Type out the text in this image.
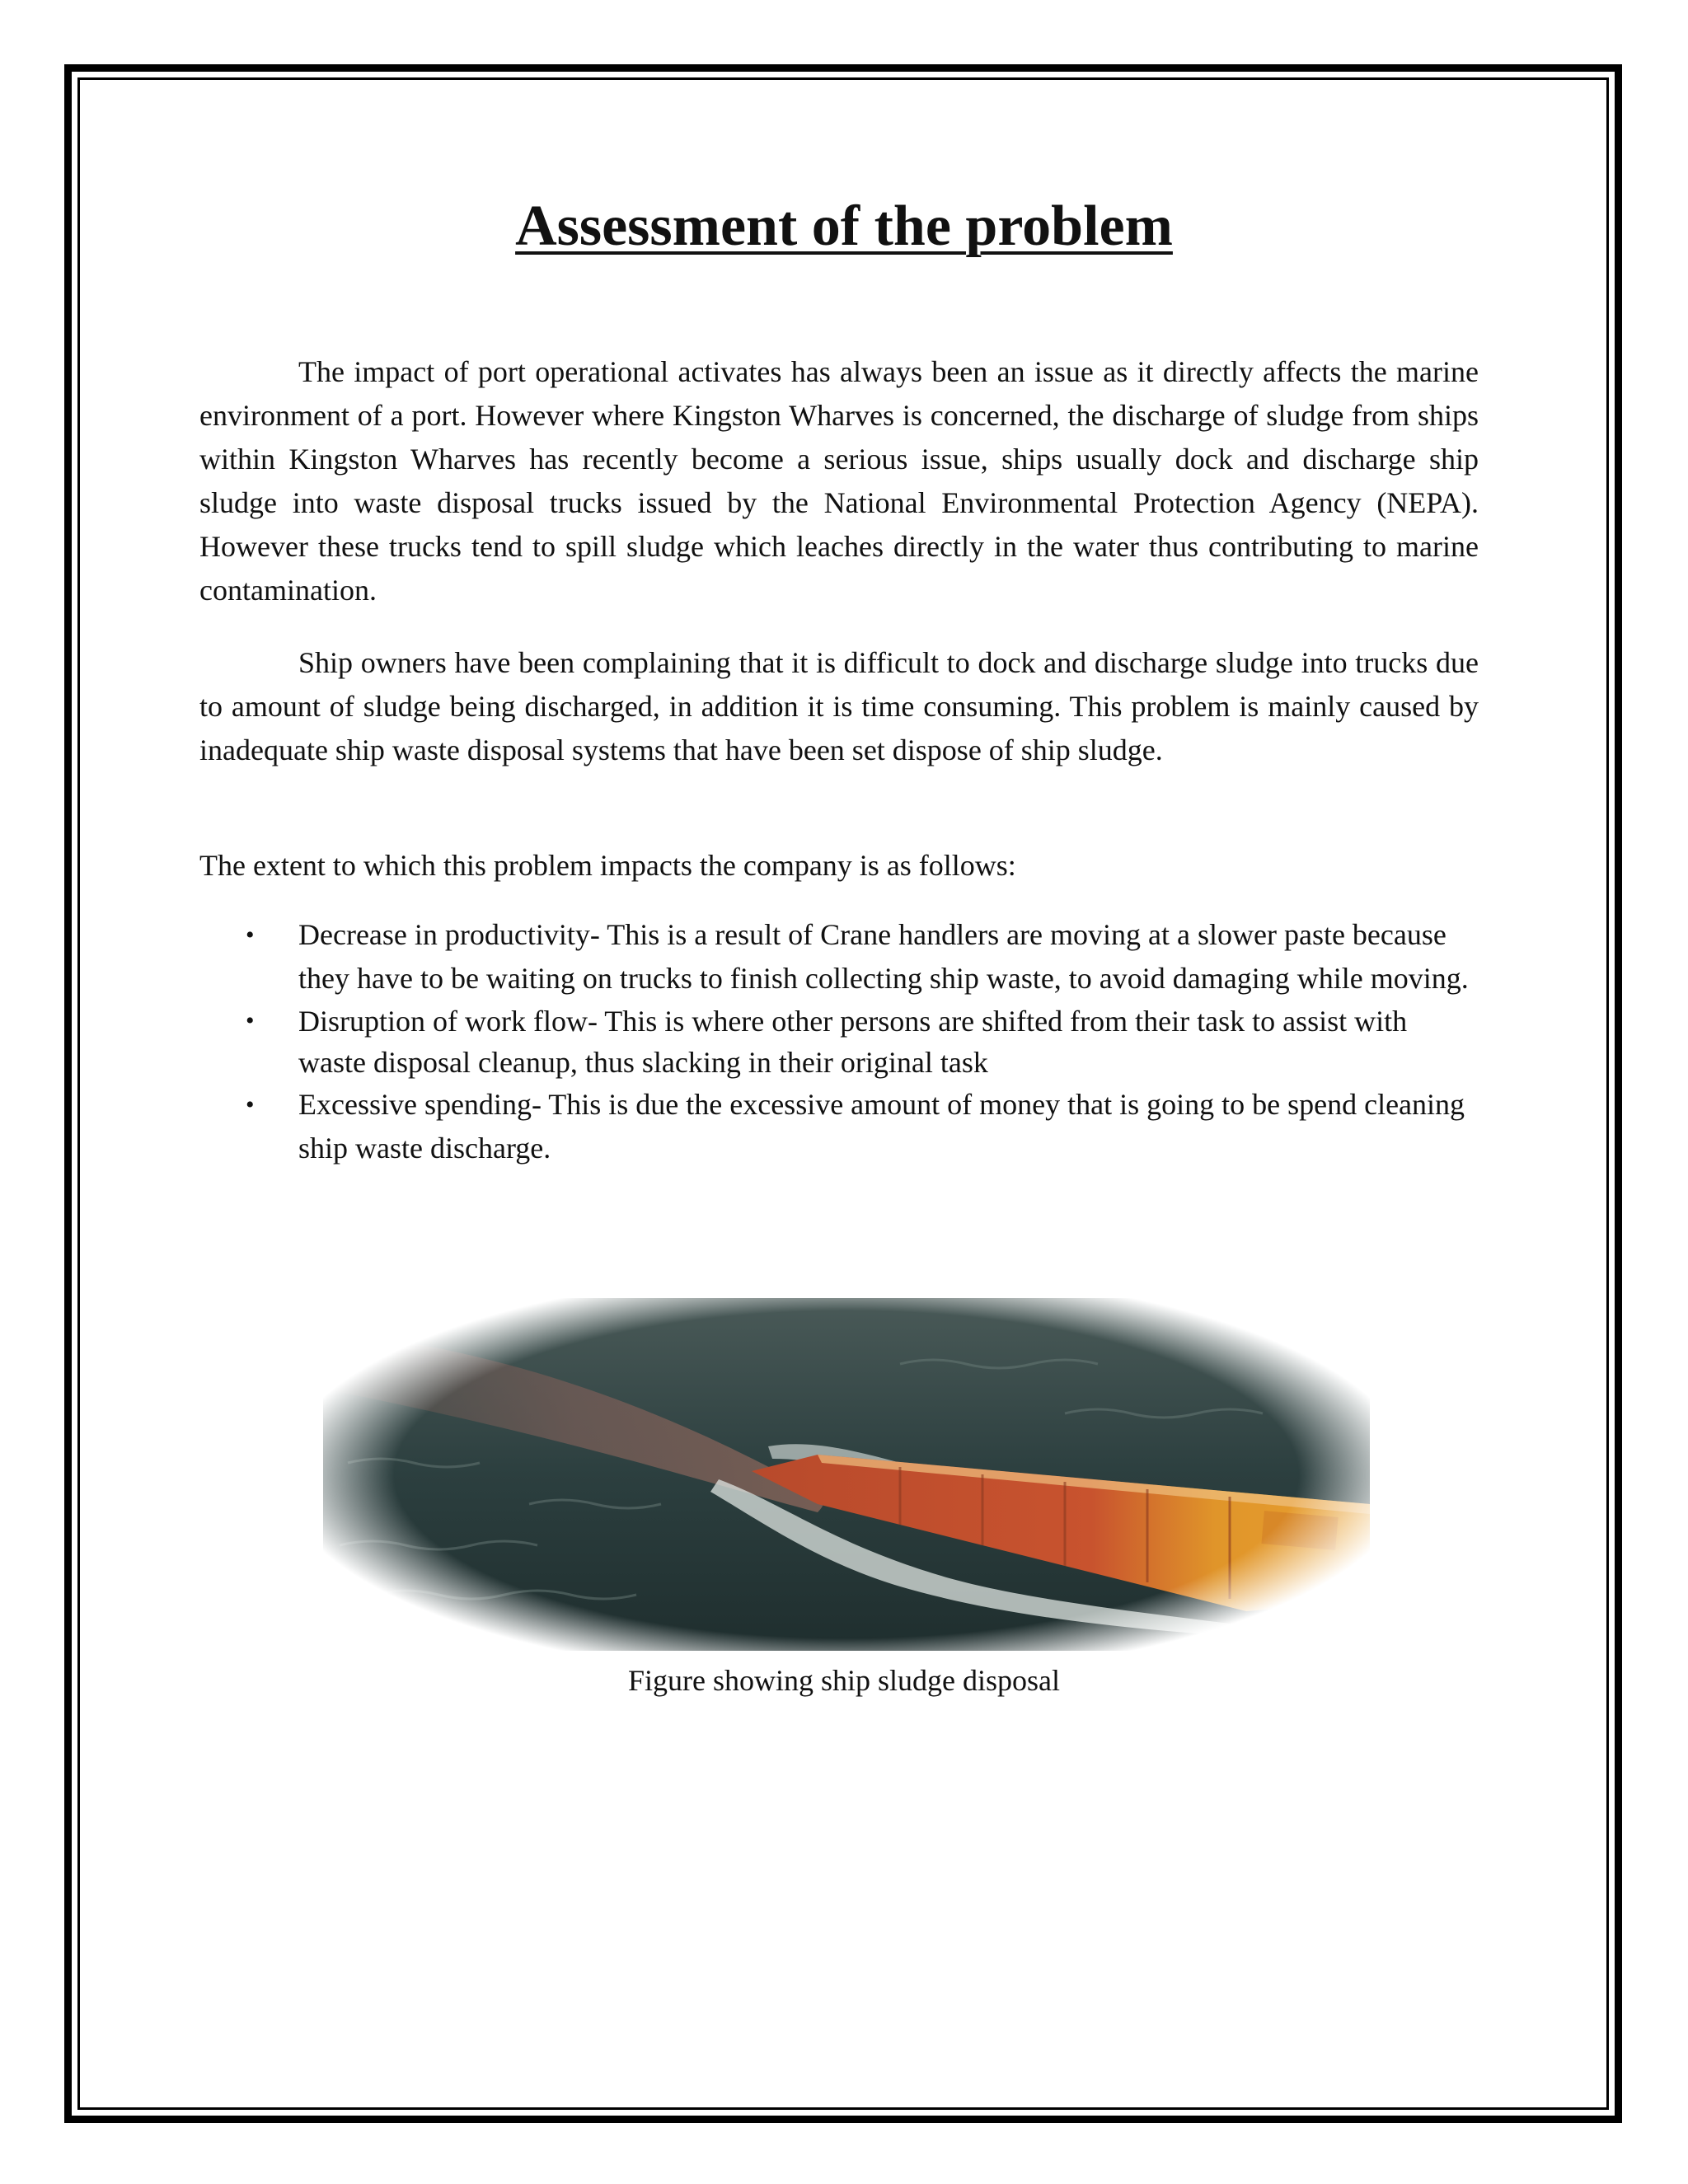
Assessment of the problem

The impact of port operational activates has always been an issue as it directly affects the marine environment of a port. However where Kingston Wharves is concerned, the discharge of sludge from ships within Kingston Wharves has recently become a serious issue, ships usually dock and discharge ship sludge into waste disposal trucks issued by the National Environmental Protection Agency (NEPA). However these trucks tend to spill sludge which leaches directly in the water thus contributing to marine contamination.

Ship owners have been complaining that it is difficult to dock and discharge sludge into trucks due to amount of sludge being discharged, in addition it is time consuming. This problem is mainly caused by inadequate ship waste disposal systems that have been set dispose of ship sludge.

The extent to which this problem impacts the company is as follows:

• Decrease in productivity- This is a result of Crane handlers are moving at a slower paste because they have to be waiting on trucks to finish collecting ship waste, to avoid damaging while moving.
• Disruption of work flow- This is where other persons are shifted from their task to assist with waste disposal cleanup, thus slacking in their original task
• Excessive spending- This is due the excessive amount of money that is going to be spend cleaning ship waste discharge.

Figure showing ship sludge disposal
